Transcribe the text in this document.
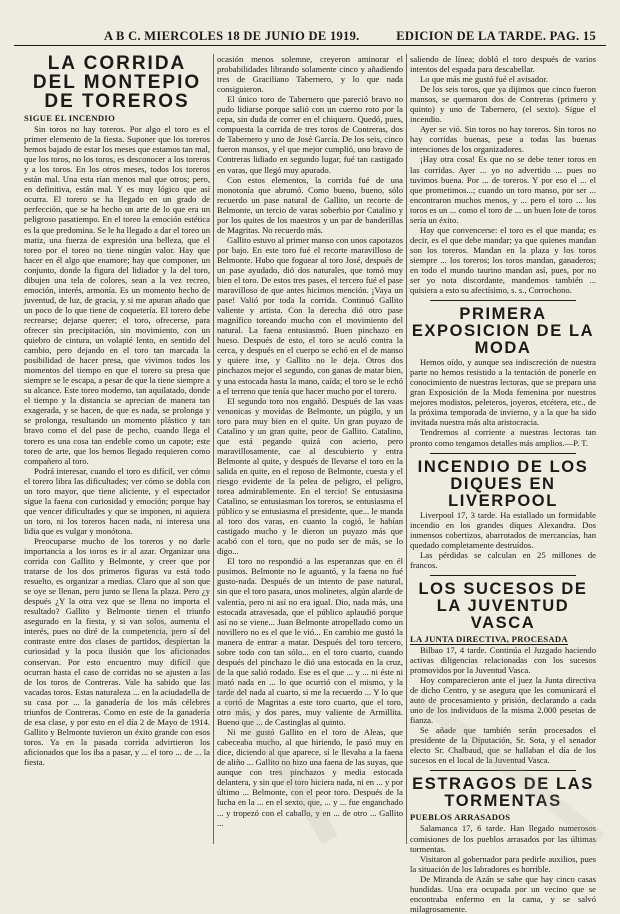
A B C. MIERCOLES 18 DE JUNIO DE 1919.	EDICION DE LA TARDE. PAG. 15
LA CORRIDA DEL MONTEPIO DE TOREROS
SIGUE EL INCENDIO

Sin toros no hay toreros. Por algo el toro es el primer elemento de la fiesta. Suponer que los toreros hemos bajado de estar los meses que estamos tan mal, que los toros, no los toros, es desconocer a los toreros y a los toros. En los otros meses, todos los toreros están mal. Una esta rían menos mal que otros; pero, en definitiva, están mal. Y es muy lógico que así ocurra. El torero se ha llegado en un grado de perfección, que se ha hecho un arte de lo que era un peligroso pasatiempo. En el toreo la emoción estética es la que predomina. Se le ha llegado a dar el toreo un matiz, una fuerza de expresión una belleza, que el toreo por el toreo no tiene ningún valor. Hay que hacer en él algo que enamore; hay que componer, un conjunto, donde la figura del lidiador y la del toro, dibujen una tela de colores, sean a la vez recreo, emoción, interés, armonía. Es un momento hecho de juventud, de luz, de gracia, y si me apuran añado que un poco de lo que tiene de coquetería. El torero debe recrearse; dejarse querer; el toro, ofrecerse, para ofrecer sin precipitación, sin movimiento, con un quiebro de cintura, un volapié lento, en sentido del cambio, pero dejando en el toro tan marcada la posibilidad de hacer presa, que vivimos todos los momentos del tiempo en que el torero su presa que siempre se le escapa, a pesar de que la tiene siempre a su alcance. Este toreo moderno, tan aquilatado, donde el tiempo y la distancia se aprecian de manera tan exagerada, y se hacen, de que es nada, se prolonga y se prolonga, resultando un momento plástico y tan bravo como el del pase de pecho, cuando llega el torero es una cosa tan endeble como un capote; este toreo de arte, que los hemos llegado requieren como compañero al toro.

Podrá interesar, cuando el toro es difícil, ver cómo el torero libra las dificultades; ver cómo se dobla con un toro mayor, que tiene aliciente, y el espectador sigue la faena con curiosidad y emoción; porque hay que vencer dificultades y que se imponen, ni aquiera un toro, ni los toreros hacen nada, ni interesa una lidia que es vulgar y monótona.

Preocuparse mucho de los toreros y no darle importancia a los toros es ir al azar. Organizar una corrida con Gallito y Belmonte, y creer que por tratarse de los dos primeros figuras va está todo resuelto, es organizar a medias. Claro que al son que se oye se llenan, pero junto se llena la plaza. Pero ¿y después ¿Y la otra vez que se llena no importa el resultado? Gallito y Belmonte tienen el triunfo asegurado en la fiesta, y si van solos, aumenta el interés, pues no diré de la competencia, pero sí del contraste entre dos clases de partidos, despiertan la curiosidad y la poca ilusión que los aficionados conservan. Por esto encuentro muy difícil que ocurran hasta el caso de corridas no se ajusten a las de los toros de Contreras. Vale ha sabido que las vacadas toros. Estas naturaleza ... en la aciudadella de su casa por ... la ganadería de los más célebres triunfos de Contreras. Como en este de la ganadería de esa clase, y por esto en el día 2 de Mayo de 1914. Gallito y Belmonte tuvieron un éxito grande con esos toros. Ya en la pasada corrida advirtieron los aficionados que los iba a pasar, y ... el toro ... de ... la fiesta.

ocasión menos solemne, creyeron aminorar el probabilidades librando solamente cinco y añadiendo tres de Graciliano Tabernero, y lo que nada consiguieron.

El único toro de Tabernero que pareció bravo no pudo lidiarse porque salió con un cuerno roto por la cepa, sin duda de correr en el chiquero. Quedó, pues, compuesta la corrida de tres toros de Contreras, dos de Tabernero y uno de José García. De los seis, cinco fueron mansos, y el que mejor cumplió, uno bravo de Contreras lidiado en segundo lugar, fué tan castigado en varas, que llegó muy apurado.

Con estos elementos, la corrida fué de una monotonía que abrumó. Como bueno, bueno, sólo recuerdo un pase natural de Gallito, un recorte de Belmonte, un tercio de varas soberbio por Catalino y por los quites de los maestros y un par de banderillas de Magritas. No recuerdo más.

Gallito estuvo al primer manso con unos capotazos por bajo. En este toro fué el recorte maravilloso de Belmonte. Hubo que foguear al toro José, después de un pase ayudado, dió dos naturales, que tomó muy bien el toro. De estos tres pases, el tercero fué el pase maravilloso de que antes hicimos mención. ¡Vaya un pase! Valió por toda la corrida. Continuó Gallito valiente y artista. Con la derecha dió otro pase magnífico toreando mucho con el movimiento del natural. La faena entusiasmó. Buen pinchazo en hueso. Después de esto, el toro se aculó contra la cerca, y después en el cuerpo se echó en el de manso y quiere irse, y Gallito no le deja. Otros dos pinchazos mejor el segundo, con ganas de matar bien, y una estocada hasta la mano, caída; el toro se le echó a el terreno que tenía que hacer mucho por el torero.

El segundo toro nos engañó. Después de las vaas venonicas y movidas de Belmonte, un púgilo, y un toro para muy bien en el quite. Un gran puyazo de Catalino y un gran quite, peor de Gallito. Catalino, que está pegando quizá con acierto, pero maravillosamente, cae al descubierto y entra Belmonte al quite, y después de llevarse el toro en la salida en quite, en el reposo de Belmonte, cuesta y el riesgo evidente de la pelea de peligro, el peligro, torea admirablemente. En el tercio! Se entusiasma Catalino, se entusiasman los toreros, se entusiasma el público y se entusiasma el presidente, que... le manda al toro dos varas, en cuanto la cogió, le habían castigado mucho y le dieron un puyazo más que acabó con el toro, que no pudo ser de más, se lo digo...

El toro no respondió a las esperanzas que en él pusimos. Belmonte no le aguantó, y la faena no fué gusto-nada. Después de un intento de pase natural, sin que el toro pasara, unos molinetes, algún alarde de valentía, pero ni así no era igual. Dio, nada más, una estocada atravesada, que el público aplaudió porque así no se viene... Juan Belmonte atropellado como un novillero no es el que le vió... En cambio me gustó la manera de entrar a matar. Después del toro tercero, sobre todo con tan sólo... en el toro cuarto, cuando después del pinchazo le dió una estocada en la cruz, de la que salió rodado. Ese es el que ... y ... ni éste ni mató nada en ... lo que ocurrió con el mismo, y la tarde del nada al cuarto, si me la recuerdo ... Y lo que a cortó de Magritas a este toro cuarto, que el toro, otro más, y dos pares, muy valiente de Armillita. Bueno que ... de Castinglas al quinto.

Ni me gustó Gallito en el toro de Aleas, que cabeceaba mucho, al que hiriendo, le pasó muy en dice, diciendo al que aparece, sí le llevaba a la faena de aliño ... Gallito no hizo una faena de las suyas, que aunque con tres pinchazos y media estocada delantera, y sin que el toro hiciera nada, ni en ... y por último ... Belmonte, con el peor toro. Después de la lucha en la ... en el sexto, que, ... y ... fue enganchado ... y tropezó con el caballo, y en ... de otro ... Gallito ...

saliendo de línea; dobló el toro después de varios intentos del espada para descabellar.

Lo que más me gustó fué el avisador.

De los seis toros, que ya dijimos que cinco fueron mansos, se quemaron dos de Contreras (primero y quinto) y uno de Tabernero, (el sexto). Sigue el incendio.

Ayer se vió. Sin toros no hay toreros. Sin toros no hay corridas buenas, pese a todas las buenas intenciones de los organizadores.

¡Hay otra cosa! Es que no se debe tener toros en las corridas. Ayer ... yo no advertido ... pues no tuvimos buena. Por ... de toreros. Y por eso el ... el que prometimos...; cuando un toro manso, por ser ... encontraron muchos menos, y ... pero el toro ... los toros es un ... como el toro de ... un buen lote de toros sería un éxito.

Hay que convencerse: el toro es el que manda; es decir, es el que debe mandar; ya que quienes mandan son los toreros. Mandan en la plaza y los toros siempre ... los toreros; los toros mandan, ganaderos; en todo el mundo taurino mandan así, pues, por no ser yo nota discordante, mandemos también ... quisiera a esto su afectísimo, s. s., Corrochono.

PRIMERA EXPOSICION DE LA MODA

Hemos oído, y aunque sea indiscreción de nuestra parte no hemos resistido a la tentación de ponerle en conocimiento de nuestras lectoras, que se prepara una gran Exposición de la Moda femenina por nuestros mejores modistos, peleteros, joyeros, etcétera, etc., de la próxima temporada de invierno, y a la que ha sido invitada nuestra más alta aristocracia.

Tendremos al corriente a nuestras lectoras tan pronto como tengamos detalles más amplios.—P. T.

INCENDIO DE LOS DIQUES EN LIVERPOOL

Liverpool 17, 3 tarde. Ha estallado un formidable incendio en los grandes diques Alexandra. Dos inmensos cobertizos, abarrotados de mercancías, han quedado completamente destruídos.

Las pérdidas se calculan en 25 millones de francos.

LOS SUCESOS DE LA JUVENTUD VASCA
LA JUNTA DIRECTIVA, PROCESADA

Bilbao 17, 4 tarde. Continúa el Juzgado haciendo activas diligencias relacionadas con los sucesos promovidos por la Juventud Vasca.

Hoy comparecieron ante el juez la Junta directiva de dicho Centro, y se asegura que les comunicará el auto de procesamiento y prisión, declarando a cada uno de los individuos de la misma 2.000 pesetas de fianza.

Se añade que también serán procesados el presidente de la Diputación, Sr. Sota, y el senador electo Sr. Chalbaud, que se hallaban el día de los sucesos en el local de la Juventud Vasca.

ESTRAGOS DE LAS TORMENTAS
PUEBLOS ARRASADOS

Salamanca 17, 6 tarde. Han llegado numerosos comisiones de los pueblos arrasados por las últimas tormentas.

Visitaron al gobernador para pedirle auxilios, pues la situación de los labradores es horrible.

De Miranda de Azán se sabe que hay cinco casas hundidas. Una era ocupada por un vecino que se encontraba enfermo en la cama, y se salvó milagrosamente.
